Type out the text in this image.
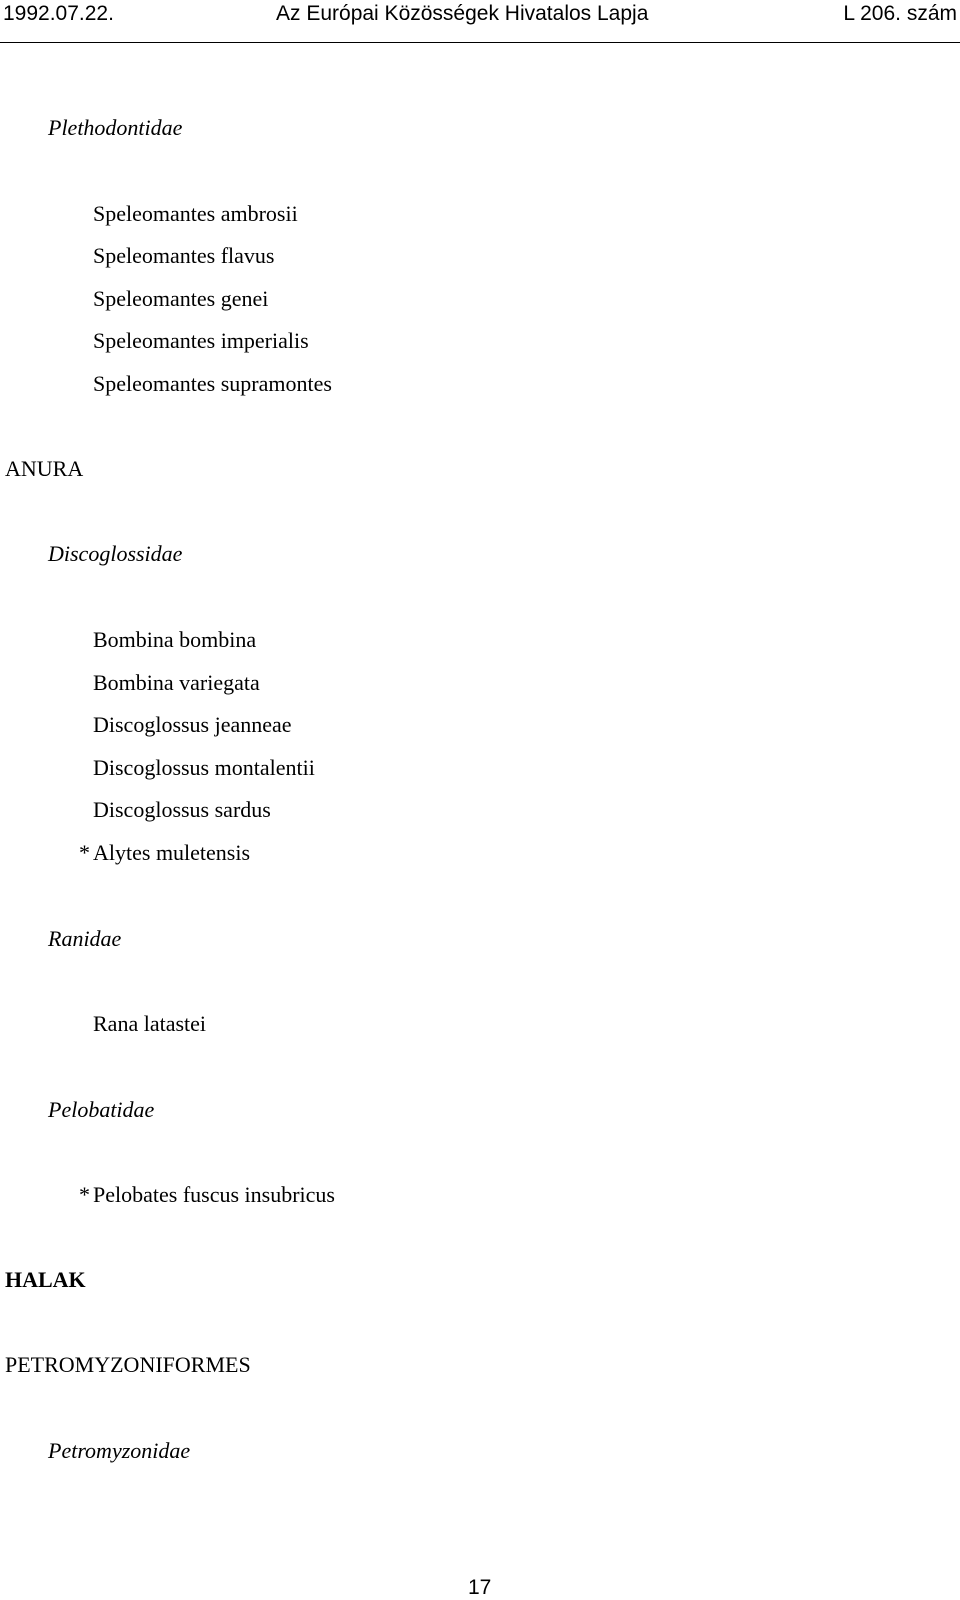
1992.07.22.	Az Európai Közösségek Hivatalos Lapja	L 206. szám
Plethodontidae
Speleomantes ambrosii
Speleomantes flavus
Speleomantes genei
Speleomantes imperialis
Speleomantes supramontes
ANURA
Discoglossidae
Bombina bombina
Bombina variegata
Discoglossus jeanneae
Discoglossus montalentii
Discoglossus sardus
* Alytes muletensis
Ranidae
Rana latastei
Pelobatidae
* Pelobates fuscus insubricus
HALAK
PETROMYZONIFORMES
Petromyzonidae
17
